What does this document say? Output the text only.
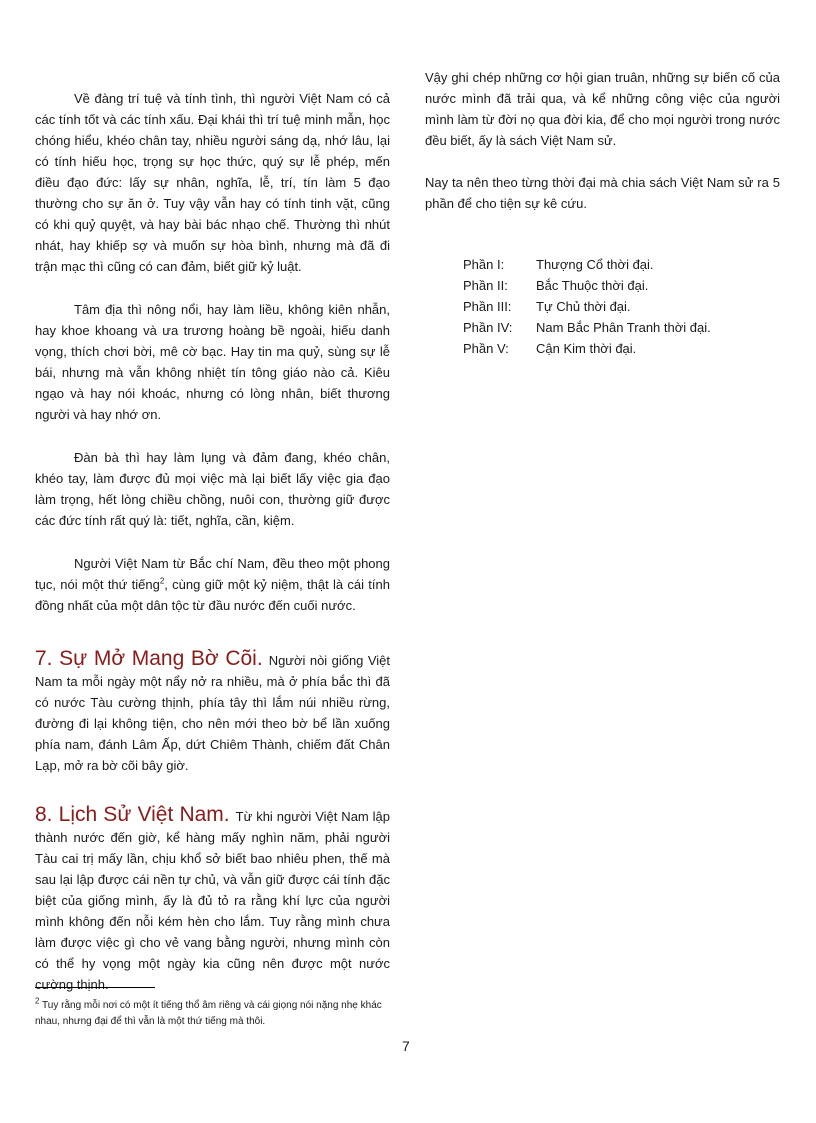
Về đàng trí tuệ và tính tình, thì người Việt Nam có cả các tính tốt và các tính xấu. Đại khái thì trí tuệ minh mẫn, học chóng hiểu, khéo chân tay, nhiều người sáng dạ, nhớ lâu, lại có tính hiếu học, trọng sự học thức, quý sự lễ phép, mến điều đạo đức: lấy sự nhân, nghĩa, lễ, trí, tín làm 5 đạo thường cho sự ăn ở. Tuy vậy vẫn hay có tính tinh vặt, cũng có khi quỷ quyệt, và hay bài bác nhạo chế. Thường thì nhút nhát, hay khiếp sợ và muốn sự hòa bình, nhưng mà đã đi trận mạc thì cũng có can đảm, biết giữ kỷ luật.

Tâm địa thì nông nổi, hay làm liều, không kiên nhẫn, hay khoe khoang và ưa trương hoàng bề ngoài, hiếu danh vọng, thích chơi bời, mê cờ bạc. Hay tin ma quỷ, sùng sự lễ bái, nhưng mà vẫn không nhiệt tín tông giáo nào cả. Kiêu ngạo và hay nói khoác, nhưng có lòng nhân, biết thương người và hay nhớ ơn.

Đàn bà thì hay làm lụng và đảm đang, khéo chân, khéo tay, làm được đủ mọi việc mà lại biết lấy việc gia đạo làm trọng, hết lòng chiều chồng, nuôi con, thường giữ được các đức tính rất quý là: tiết, nghĩa, cần, kiệm.

Người Việt Nam từ Bắc chí Nam, đều theo một phong tục, nói một thứ tiếng$^2$, cùng giữ một kỷ niệm, thật là cái tính đồng nhất của một dân tộc từ đầu nước đến cuối nước.

7. Sự Mở Mang Bờ Cõi. Người nòi giống Việt Nam ta mỗi ngày một nẩy nở ra nhiều, mà ở phía bắc thì đã có nước Tàu cường thịnh, phía tây thì lắm núi nhiều rừng, đường đi lại không tiện, cho nên mới theo bờ bể lần xuống phía nam, đánh Lâm Ấp, dứt Chiêm Thành, chiếm đất Chân Lạp, mở ra bờ cõi bây giờ.

8. Lịch Sử Việt Nam. Từ khi người Việt Nam lập thành nước đến giờ, kể hàng mấy nghìn năm, phải người Tàu cai trị mấy lần, chịu khổ sở biết bao nhiêu phen, thế mà sau lại lập được cái nền tự chủ, và vẫn giữ được cái tính đặc biệt của giống mình, ấy là đủ tỏ ra rằng khí lực của người mình không đến nỗi kém hèn cho lắm. Tuy rằng mình chưa làm được việc gì cho vẻ vang bằng người, nhưng mình còn có thể hy vọng một ngày kia cũng nên được một nước cường thịnh.

Vậy ghi chép những cơ hội gian truân, những sự biến cố của nước mình đã trải qua, và kể những công việc của người mình làm từ đời nọ qua đời kia, để cho mọi người trong nước đều biết, ấy là sách Việt Nam sử.

Nay ta nên theo từng thời đại mà chia sách Việt Nam sử ra 5 phần để cho tiện sự kê cứu.

Phần I:	Thượng Cổ thời đại.
Phần II:	Bắc Thuộc thời đại.
Phần III:	Tự Chủ thời đại.
Phần IV:	Nam Bắc Phân Tranh thời đại.
Phần V:	Cận Kim thời đại.
$^2$ Tuy rằng mỗi nơi có một ít tiếng thổ âm riêng và cái giọng nói nặng nhẹ khác nhau, nhưng đại để thì vẫn là một thứ tiếng mà thôi.
7
